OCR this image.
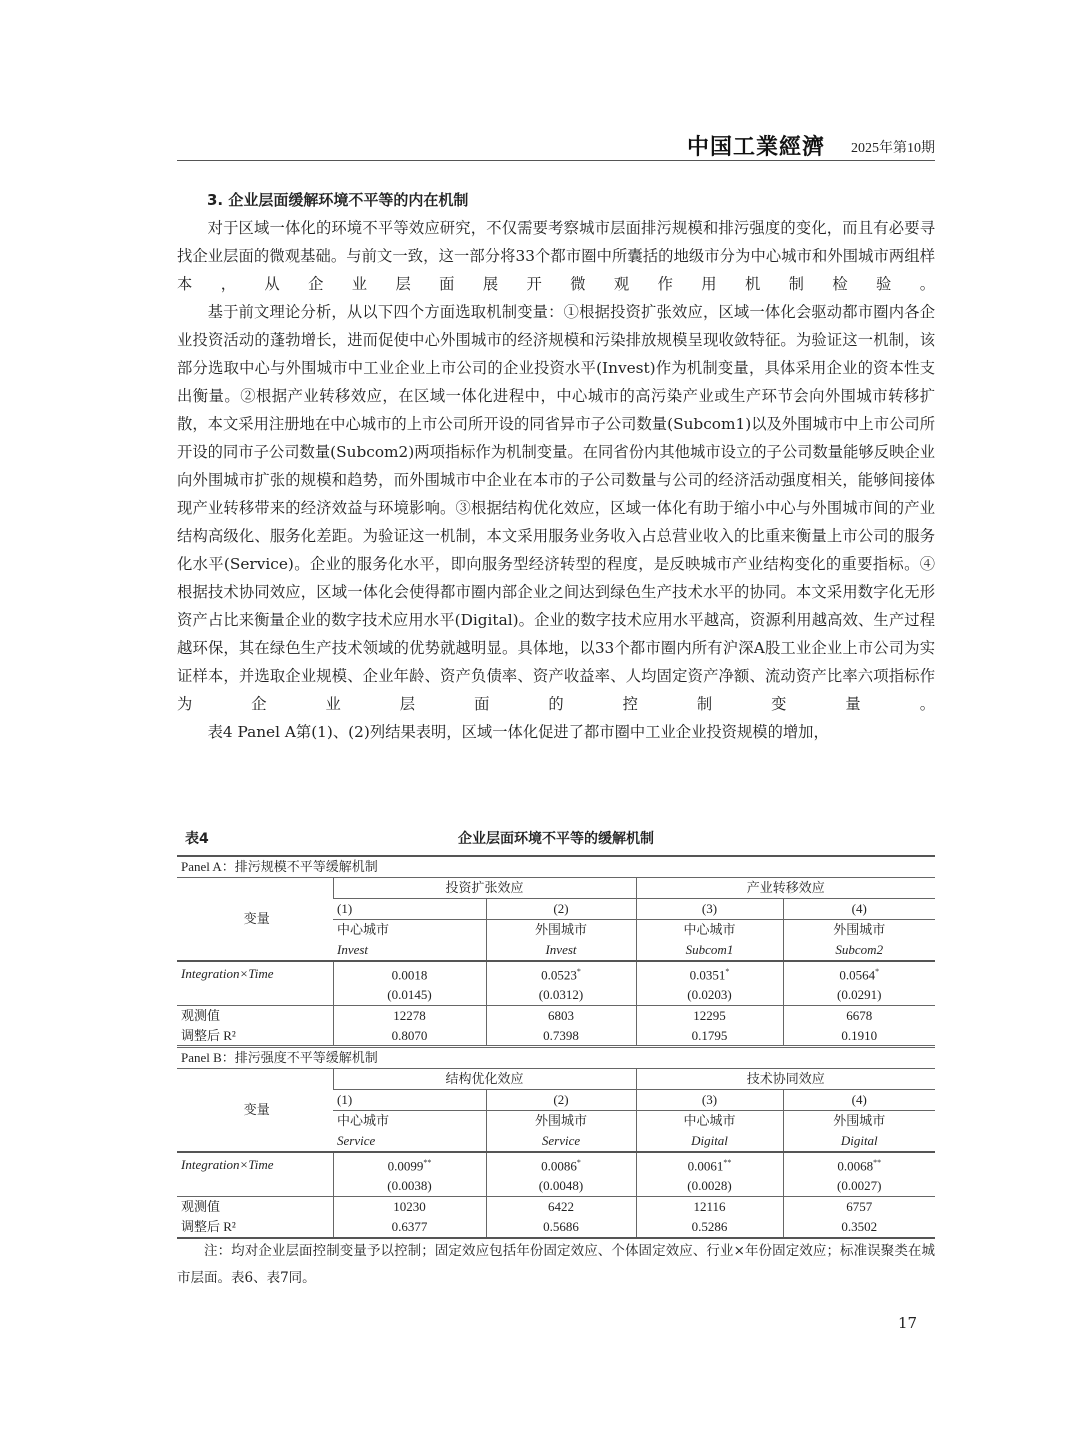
中国工業經濟 2025年第10期
3. 企业层面缓解环境不平等的内在机制

对于区域一体化的环境不平等效应研究，不仅需要考察城市层面排污规模和排污强度的变化，而且有必要寻找企业层面的微观基础。与前文一致，这一部分将33个都市圈中所囊括的地级市分为中心城市和外围城市两组样本，从企业层面展开微观作用机制检验。

基于前文理论分析，从以下四个方面选取机制变量：①根据投资扩张效应，区域一体化会驱动都市圈内各企业投资活动的蓬勃增长，进而促使中心外围城市的经济规模和污染排放规模呈现收敛特征。为验证这一机制，该部分选取中心与外围城市中工业企业上市公司的企业投资水平(Invest)作为机制变量，具体采用企业的资本性支出衡量。②根据产业转移效应，在区域一体化进程中，中心城市的高污染产业或生产环节会向外围城市转移扩散，本文采用注册地在中心城市的上市公司所开设的同省异市子公司数量(Subcom1)以及外围城市中上市公司所开设的同市子公司数量(Subcom2)两项指标作为机制变量。在同省份内其他城市设立的子公司数量能够反映企业向外围城市扩张的规模和趋势，而外围城市中企业在本市的子公司数量与公司的经济活动强度相关，能够间接体现产业转移带来的经济效益与环境影响。③根据结构优化效应，区域一体化有助于缩小中心与外围城市间的产业结构高级化、服务化差距。为验证这一机制，本文采用服务业务收入占总营业收入的比重来衡量上市公司的服务化水平(Service)。企业的服务化水平，即向服务型经济转型的程度，是反映城市产业结构变化的重要指标。④根据技术协同效应，区域一体化会使得都市圈内部企业之间达到绿色生产技术水平的协同。本文采用数字化无形资产占比来衡量企业的数字技术应用水平(Digital)。企业的数字技术应用水平越高，资源利用越高效、生产过程越环保，其在绿色生产技术领域的优势就越明显。具体地，以33个都市圈内所有沪深A股工业企业上市公司为实证样本，并选取企业规模、企业年龄、资产负债率、资产收益率、人均固定资产净额、流动资产比率六项指标作为企业层面的控制变量。

表4 Panel A第(1)、(2)列结果表明，区域一体化促进了都市圈中工业企业投资规模的增加，

表4	企业层面环境不平等的缓解机制
Panel A：排污规模不平等缓解机制				
变量	投资扩张效应		产业转移效应	
	(1)	(2)	(3)	(4)
	中心城市	外围城市	中心城市	外围城市
	Invest	Invest	Subcom1	Subcom2
Integration×Time	0.0018	0.0523*	0.0351*	0.0564*
	(0.0145)	(0.0312)	(0.0203)	(0.0291)
观测值	12278	6803	12295	6678
调整后 R²	0.8070	0.7398	0.1795	0.1910
Panel B：排污强度不平等缓解机制				
变量	结构优化效应		技术协同效应	
	(1)	(2)	(3)	(4)
	中心城市	外围城市	中心城市	外围城市
	Service	Service	Digital	Digital
Integration×Time	0.0099**	0.0086*	0.0061**	0.0068**
	(0.0038)	(0.0048)	(0.0028)	(0.0027)
观测值	10230	6422	12116	6757
调整后 R²	0.6377	0.5686	0.5286	0.3502
注：均对企业层面控制变量予以控制；固定效应包括年份固定效应、个体固定效应、行业×年份固定效应；标准误聚类在城市层面。表6、表7同。
17
